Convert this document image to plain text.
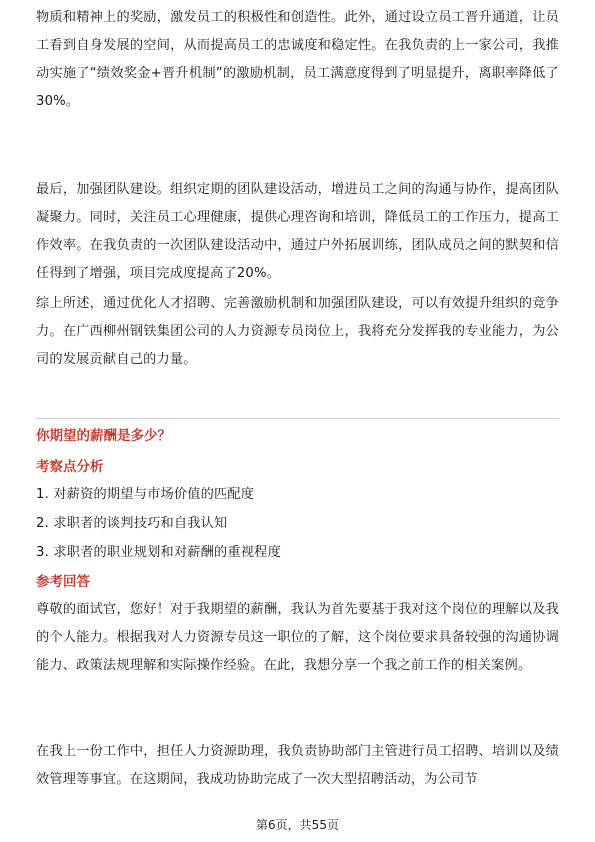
物质和精神上的奖励，激发员工的积极性和创造性。此外，通过设立员工晋升通道，让员工看到自身发展的空间，从而提高员工的忠诚度和稳定性。在我负责的上一家公司，我推动实施了“绩效奖金+晋升机制”的激励机制，员工满意度得到了明显提升，离职率降低了30%。

最后，加强团队建设。组织定期的团队建设活动，增进员工之间的沟通与协作，提高团队凝聚力。同时，关注员工心理健康，提供心理咨询和培训，降低员工的工作压力，提高工作效率。在我负责的一次团队建设活动中，通过户外拓展训练，团队成员之间的默契和信任得到了增强，项目完成度提高了20%。

综上所述，通过优化人才招聘、完善激励机制和加强团队建设，可以有效提升组织的竞争力。在广西柳州钢铁集团公司的人力资源专员岗位上，我将充分发挥我的专业能力，为公司的发展贡献自己的力量。

你期望的薪酬是多少？

考察点分析

1. 对薪资的期望与市场价值的匹配度
2. 求职者的谈判技巧和自我认知
3. 求职者的职业规划和对薪酬的重视程度

参考回答

尊敬的面试官，您好！对于我期望的薪酬，我认为首先要基于我对这个岗位的理解以及我的个人能力。根据我对人力资源专员这一职位的了解，这个岗位要求具备较强的沟通协调能力、政策法规理解和实际操作经验。在此，我想分享一个我之前工作的相关案例。

在我上一份工作中，担任人力资源助理，我负责协助部门主管进行员工招聘、培训以及绩效管理等事宜。在这期间，我成功协助完成了一次大型招聘活动，为公司节

第6页，共55页
